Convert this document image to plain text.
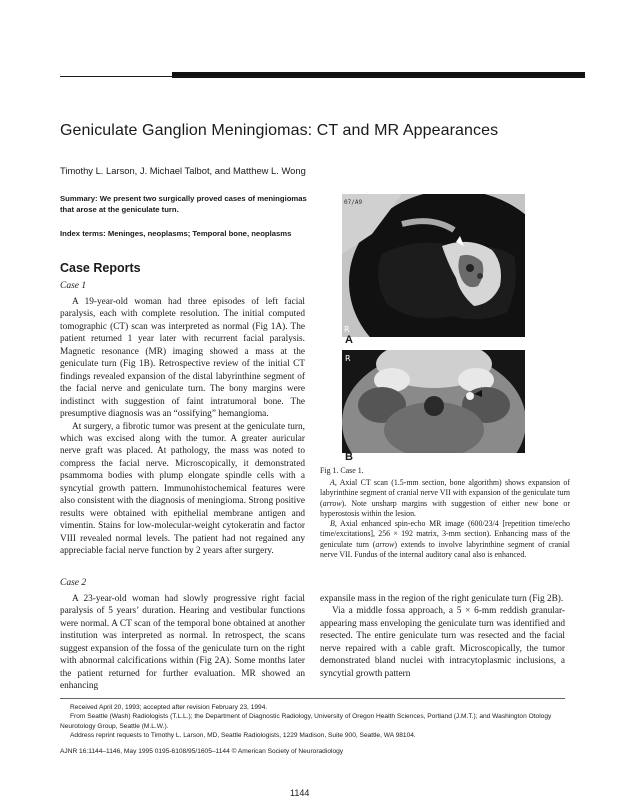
Geniculate Ganglion Meningiomas: CT and MR Appearances
Timothy L. Larson, J. Michael Talbot, and Matthew L. Wong

Summary: We present two surgically proved cases of meningiomas that arose at the geniculate turn.

Index terms: Meninges, neoplasms; Temporal bone, neoplasms

Case Reports

Case 1

A 19-year-old woman had three episodes of left facial paralysis, each with complete resolution. The initial computed tomographic (CT) scan was interpreted as normal (Fig 1A). The patient returned 1 year later with recurrent facial paralysis. Magnetic resonance (MR) imaging showed a mass at the geniculate turn (Fig 1B). Retrospective review of the initial CT findings revealed expansion of the distal labyrinthine segment of the facial nerve and geniculate turn. The bony margins were indistinct with suggestion of faint intratumoral bone. The presumptive diagnosis was an “ossifying” hemangioma.

At surgery, a fibrotic tumor was present at the geniculate turn, which was excised along with the tumor. A greater auricular nerve graft was placed. At pathology, the mass was noted to compress the facial nerve. Microscopically, it demonstrated psammoma bodies with plump elongate spindle cells with a syncytial growth pattern. Immunohistochemical features were also consistent with the diagnosis of meningioma. Strong positive results were obtained with epithelial membrane antigen and vimentin. Stains for low-molecular-weight cytokeratin and factor VIII revealed normal levels. The patient had not regained any appreciable facial nerve function by 2 years after surgery.

07/A9
R
A
R
B

Fig 1. Case 1.

A, Axial CT scan (1.5-mm section, bone algorithm) shows expansion of labyrinthine segment of cranial nerve VII with expansion of the geniculate turn (arrow). Note unsharp margins with suggestion of either new bone or hyperostosis within the lesion.

B, Axial enhanced spin-echo MR image (600/23/4 [repetition time/echo time/excitations], 256 × 192 matrix, 3-mm section). Enhancing mass of the geniculate turn (arrow) extends to involve labyrinthine segment of cranial nerve VII. Fundus of the internal auditory canal also is enhanced.

Case 2

A 23-year-old woman had slowly progressive right facial paralysis of 5 years’ duration. Hearing and vestibular functions were normal. A CT scan of the temporal bone obtained at another institution was interpreted as normal. In retrospect, the scans suggest expansion of the fossa of the geniculate turn on the right with abnormal calcifications within (Fig 2A). Some months later the patient returned for further evaluation. MR showed an enhancing

expansile mass in the region of the right geniculate turn (Fig 2B).

Via a middle fossa approach, a 5 × 6-mm reddish granular-appearing mass enveloping the geniculate turn was identified and resected. The entire geniculate turn was resected and the facial nerve repaired with a cable graft. Microscopically, the tumor demonstrated bland nuclei with intracytoplasmic inclusions, a syncytial growth pattern

Received April 20, 1993; accepted after revision February 23, 1994.

From Seattle (Wash) Radiologists (T.L.L.); the Department of Diagnostic Radiology, University of Oregon Health Sciences, Portland (J.M.T.); and Washington Otology Neurotology Group, Seattle (M.L.W.).

Address reprint requests to Timothy L. Larson, MD, Seattle Radiologists, 1229 Madison, Suite 900, Seattle, WA 98104.

AJNR 16:1144–1146, May 1995 0195-6108/95/1605–1144 © American Society of Neuroradiology

1144
